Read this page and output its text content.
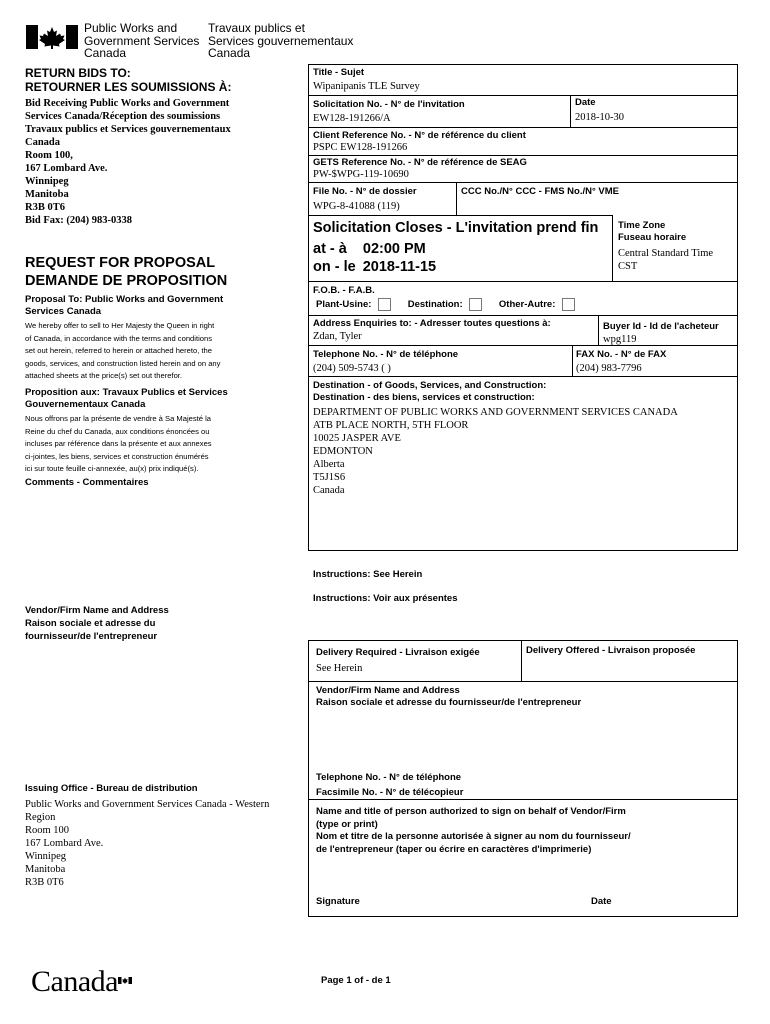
Public Works and
Government Services
Canada
Travaux publics et
Services gouvernementaux
Canada
RETURN BIDS TO:
RETOURNER LES SOUMISSIONS À:
Bid Receiving Public Works and Government
Services Canada/Réception des soumissions
Travaux publics et Services gouvernementaux
Canada
Room 100,
167 Lombard Ave.
Winnipeg
Manitoba
R3B 0T6
Bid Fax: (204) 983-0338
REQUEST FOR PROPOSAL
DEMANDE DE PROPOSITION
Proposal To: Public Works and Government
Services Canada
We hereby offer to sell to Her Majesty the Queen in right
of Canada, in accordance with the terms and conditions
set out herein, referred to herein or attached hereto, the
goods, services, and construction listed herein and on any
attached sheets at the price(s) set out therefor.
Proposition aux: Travaux Publics et Services
Gouvernementaux Canada
Nous offrons par la présente de vendre à Sa Majesté la
Reine du chef du Canada, aux conditions énoncées ou
incluses par référence dans la présente et aux annexes
ci-jointes, les biens, services et construction énumérés
ici sur toute feuille ci-annexée, au(x) prix indiqué(s).
Comments - Commentaires
Vendor/Firm Name and Address
Raison sociale et adresse du
fournisseur/de l'entrepreneur
Issuing Office - Bureau de distribution
Public Works and Government Services Canada - Western
Region
Room 100
167 Lombard Ave.
Winnipeg
Manitoba
R3B 0T6
Title - Sujet
Wipanipanis TLE Survey
Solicitation No. - N° de l'invitation
EW128-191266/A
Date
2018-10-30
Client Reference No. - N° de référence du client
PSPC EW128-191266
GETS Reference No. - N° de référence de SEAG
PW-$WPG-119-10690
File No. - N° de dossier
WPG-8-41088 (119)
CCC No./N° CCC - FMS No./N° VME
Solicitation Closes - L'invitation prend fin
at - à 02:00 PM
on - le 2018-11-15
Time Zone
Fuseau horaire
Central Standard Time
CST
F.O.B. - F.A.B.
Plant-Usine:	Destination:	Other-Autre:
Address Enquiries to: - Adresser toutes questions à:
Zdan, Tyler
Buyer Id - Id de l'acheteur
wpg119
Telephone No. - N° de téléphone
(204) 509-5743 ( )
FAX No. - N° de FAX
(204) 983-7796
Destination - of Goods, Services, and Construction:
Destination - des biens, services et construction:
DEPARTMENT OF PUBLIC WORKS AND GOVERNMENT SERVICES CANADA
ATB PLACE NORTH, 5TH FLOOR
10025 JASPER AVE
EDMONTON
Alberta
T5J1S6
Canada
Instructions: See Herein
Instructions: Voir aux présentes
Delivery Required - Livraison exigée
See Herein
Delivery Offered - Livraison proposée
Vendor/Firm Name and Address
Raison sociale et adresse du fournisseur/de l'entrepreneur
Telephone No. - N° de téléphone
Facsimile No. - N° de télécopieur
Name and title of person authorized to sign on behalf of Vendor/Firm
(type or print)
Nom et titre de la personne autorisée à signer au nom du fournisseur/
de l'entrepreneur (taper ou écrire en caractères d'imprimerie)
Signature	Date
Canada	Page 1 of - de 1
